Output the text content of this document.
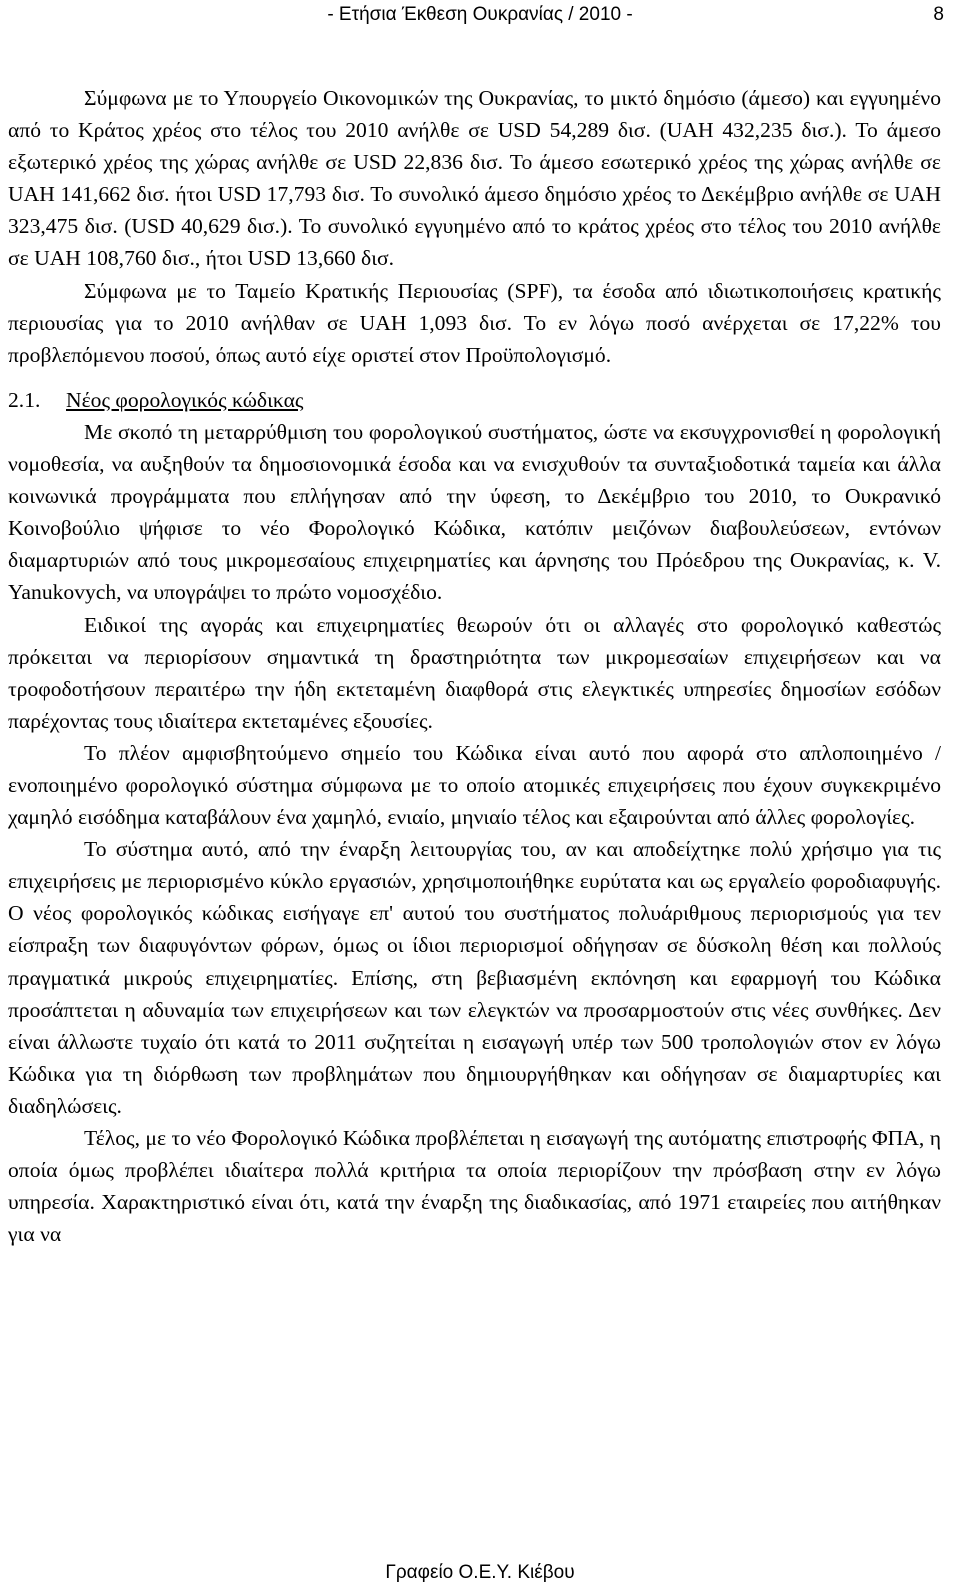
- Ετήσια Έκθεση Ουκρανίας / 2010 -	8

Σύμφωνα με το Υπουργείο Οικονομικών της Ουκρανίας, το μικτό δημόσιο (άμεσο) και εγγυημένο από το Κράτος χρέος στο τέλος του 2010 ανήλθε σε USD 54,289 δισ. (UAH 432,235 δισ.). Το άμεσο εξωτερικό χρέος της χώρας ανήλθε σε USD 22,836 δισ. Το άμεσο εσωτερικό χρέος της χώρας ανήλθε σε UAH 141,662 δισ. ήτοι USD 17,793 δισ. Το συνολικό άμεσο δημόσιο χρέος το Δεκέμβριο ανήλθε σε UAH 323,475 δισ. (USD 40,629 δισ.). Το συνολικό εγγυημένο από το κράτος χρέος στο τέλος του 2010 ανήλθε σε UAH 108,760 δισ., ήτοι USD 13,660 δισ.

Σύμφωνα με το Ταμείο Κρατικής Περιουσίας (SPF), τα έσοδα από ιδιωτικοποιήσεις κρατικής περιουσίας για το 2010 ανήλθαν σε UAH 1,093 δισ. Το εν λόγω ποσό ανέρχεται σε 17,22% του προβλεπόμενου ποσού, όπως αυτό είχε οριστεί στον Προϋπολογισμό.

2.1.	Νέος φορολογικός κώδικας

Με σκοπό τη μεταρρύθμιση του φορολογικού συστήματος, ώστε να εκσυγχρονισθεί η φορολογική νομοθεσία, να αυξηθούν τα δημοσιονομικά έσοδα και να ενισχυθούν τα συνταξιοδοτικά ταμεία και άλλα κοινωνικά προγράμματα που επλήγησαν από την ύφεση, το Δεκέμβριο του 2010, το Ουκρανικό Κοινοβούλιο ψήφισε το νέο Φορολογικό Κώδικα, κατόπιν μειζόνων διαβουλεύσεων, εντόνων διαμαρτυριών από τους μικρομεσαίους επιχειρηματίες και άρνησης του Πρόεδρου της Ουκρανίας, κ. V. Yanukovych, να υπογράψει το πρώτο νομοσχέδιο.

Ειδικοί της αγοράς και επιχειρηματίες θεωρούν ότι οι αλλαγές στο φορολογικό καθεστώς πρόκειται να περιορίσουν σημαντικά τη δραστηριότητα των μικρομεσαίων επιχειρήσεων και να τροφοδοτήσουν περαιτέρω την ήδη εκτεταμένη διαφθορά στις ελεγκτικές υπηρεσίες δημοσίων εσόδων παρέχοντας τους ιδιαίτερα εκτεταμένες εξουσίες.

Το πλέον αμφισβητούμενο σημείο του Κώδικα είναι αυτό που αφορά στο απλοποιημένο / ενοποιημένο φορολογικό σύστημα σύμφωνα με το οποίο ατομικές επιχειρήσεις που έχουν συγκεκριμένο χαμηλό εισόδημα καταβάλουν ένα χαμηλό, ενιαίο, μηνιαίο τέλος και εξαιρούνται από άλλες φορολογίες.

Το σύστημα αυτό, από την έναρξη λειτουργίας του, αν και αποδείχτηκε πολύ χρήσιμο για τις επιχειρήσεις με περιορισμένο κύκλο εργασιών, χρησιμοποιήθηκε ευρύτατα και ως εργαλείο φοροδιαφυγής. Ο νέος φορολογικός κώδικας εισήγαγε επ' αυτού του συστήματος πολυάριθμους περιορισμούς για τεν είσπραξη των διαφυγόντων φόρων, όμως οι ίδιοι περιορισμοί οδήγησαν σε δύσκολη θέση και πολλούς πραγματικά μικρούς επιχειρηματίες. Επίσης, στη βεβιασμένη εκπόνηση και εφαρμογή του Κώδικα προσάπτεται η αδυναμία των επιχειρήσεων και των ελεγκτών να προσαρμοστούν στις νέες συνθήκες. Δεν είναι άλλωστε τυχαίο ότι κατά το 2011 συζητείται η εισαγωγή υπέρ των 500 τροπολογιών στον εν λόγω Κώδικα για τη διόρθωση των προβλημάτων που δημιουργήθηκαν και οδήγησαν σε διαμαρτυρίες και διαδηλώσεις.

Τέλος, με το νέο Φορολογικό Κώδικα προβλέπεται η εισαγωγή της αυτόματης επιστροφής ΦΠΑ, η οποία όμως προβλέπει ιδιαίτερα πολλά κριτήρια τα οποία περιορίζουν την πρόσβαση στην εν λόγω υπηρεσία. Χαρακτηριστικό είναι ότι, κατά την έναρξη της διαδικασίας, από 1971 εταιρείες που αιτήθηκαν για να

Γραφείο Ο.Ε.Υ. Κιέβου
